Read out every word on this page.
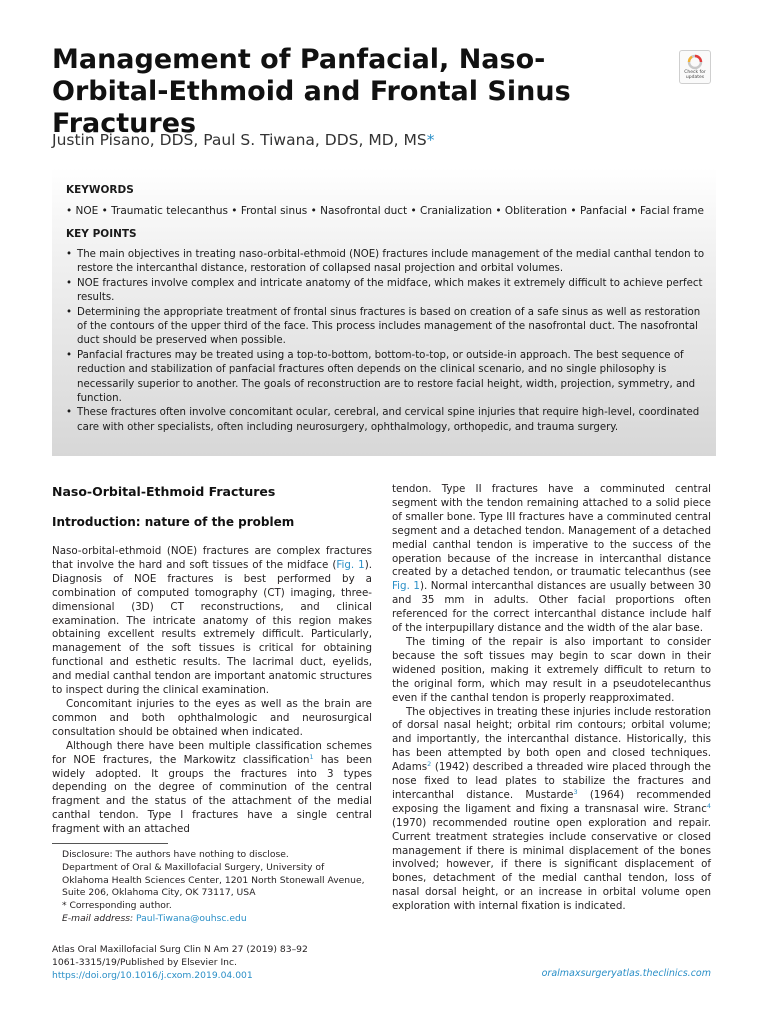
Management of Panfacial, Naso-Orbital-Ethmoid and Frontal Sinus Fractures
Check for updates
Justin Pisano, DDS, Paul S. Tiwana, DDS, MD, MS*
KEYWORDS
• NOE • Traumatic telecanthus • Frontal sinus • Nasofrontal duct • Cranialization • Obliteration • Panfacial • Facial frame
KEY POINTS
• The main objectives in treating naso-orbital-ethmoid (NOE) fractures include management of the medial canthal tendon to restore the intercanthal distance, restoration of collapsed nasal projection and orbital volumes.
• NOE fractures involve complex and intricate anatomy of the midface, which makes it extremely difficult to achieve perfect results.
• Determining the appropriate treatment of frontal sinus fractures is based on creation of a safe sinus as well as restoration of the contours of the upper third of the face. This process includes management of the nasofrontal duct. The nasofrontal duct should be preserved when possible.
• Panfacial fractures may be treated using a top-to-bottom, bottom-to-top, or outside-in approach. The best sequence of reduction and stabilization of panfacial fractures often depends on the clinical scenario, and no single philosophy is necessarily superior to another. The goals of reconstruction are to restore facial height, width, projection, symmetry, and function.
• These fractures often involve concomitant ocular, cerebral, and cervical spine injuries that require high-level, coordinated care with other specialists, often including neurosurgery, ophthalmology, orthopedic, and trauma surgery.
Naso-Orbital-Ethmoid Fractures
Introduction: nature of the problem

Naso-orbital-ethmoid (NOE) fractures are complex fractures that involve the hard and soft tissues of the midface (Fig. 1). Diagnosis of NOE fractures is best performed by a combination of computed tomography (CT) imaging, three-dimensional (3D) CT reconstructions, and clinical examination. The intricate anatomy of this region makes obtaining excellent results extremely difficult. Particularly, management of the soft tissues is critical for obtaining functional and esthetic results. The lacrimal duct, eyelids, and medial canthal tendon are important anatomic structures to inspect during the clinical examination.

Concomitant injuries to the eyes as well as the brain are common and both ophthalmologic and neurosurgical consultation should be obtained when indicated.

Although there have been multiple classification schemes for NOE fractures, the Markowitz classification$^1$ has been widely adopted. It groups the fractures into 3 types depending on the degree of comminution of the central fragment and the status of the attachment of the medial canthal tendon. Type I fractures have a single central fragment with an attached

tendon. Type II fractures have a comminuted central segment with the tendon remaining attached to a solid piece of smaller bone. Type III fractures have a comminuted central segment and a detached tendon. Management of a detached medial canthal tendon is imperative to the success of the operation because of the increase in intercanthal distance created by a detached tendon, or traumatic telecanthus (see Fig. 1). Normal intercanthal distances are usually between 30 and 35 mm in adults. Other facial proportions often referenced for the correct intercanthal distance include half of the interpupillary distance and the width of the alar base.

The timing of the repair is also important to consider because the soft tissues may begin to scar down in their widened position, making it extremely difficult to return to the original form, which may result in a pseudotelecanthus even if the canthal tendon is properly reapproximated.

The objectives in treating these injuries include restoration of dorsal nasal height; orbital rim contours; orbital volume; and importantly, the intercanthal distance. Historically, this has been attempted by both open and closed techniques. Adams$^2$ (1942) described a threaded wire placed through the nose fixed to lead plates to stabilize the fractures and intercanthal distance. Mustarde$^3$ (1964) recommended exposing the ligament and fixing a transnasal wire. Stranc$^4$ (1970) recommended routine open exploration and repair. Current treatment strategies include conservative or closed management if there is minimal displacement of the bones involved; however, if there is significant displacement of bones, detachment of the medial canthal tendon, loss of nasal dorsal height, or an increase in orbital volume open exploration with internal fixation is indicated.

Disclosure: The authors have nothing to disclose.

Department of Oral & Maxillofacial Surgery, University of Oklahoma Health Sciences Center, 1201 North Stonewall Avenue, Suite 206, Oklahoma City, OK 73117, USA

* Corresponding author.

E-mail address: Paul-Tiwana@ouhsc.edu

Atlas Oral Maxillofacial Surg Clin N Am 27 (2019) 83–92
1061-3315/19/Published by Elsevier Inc.
https://doi.org/10.1016/j.cxom.2019.04.001	oralmaxsurgeryatlas.theclinics.com
